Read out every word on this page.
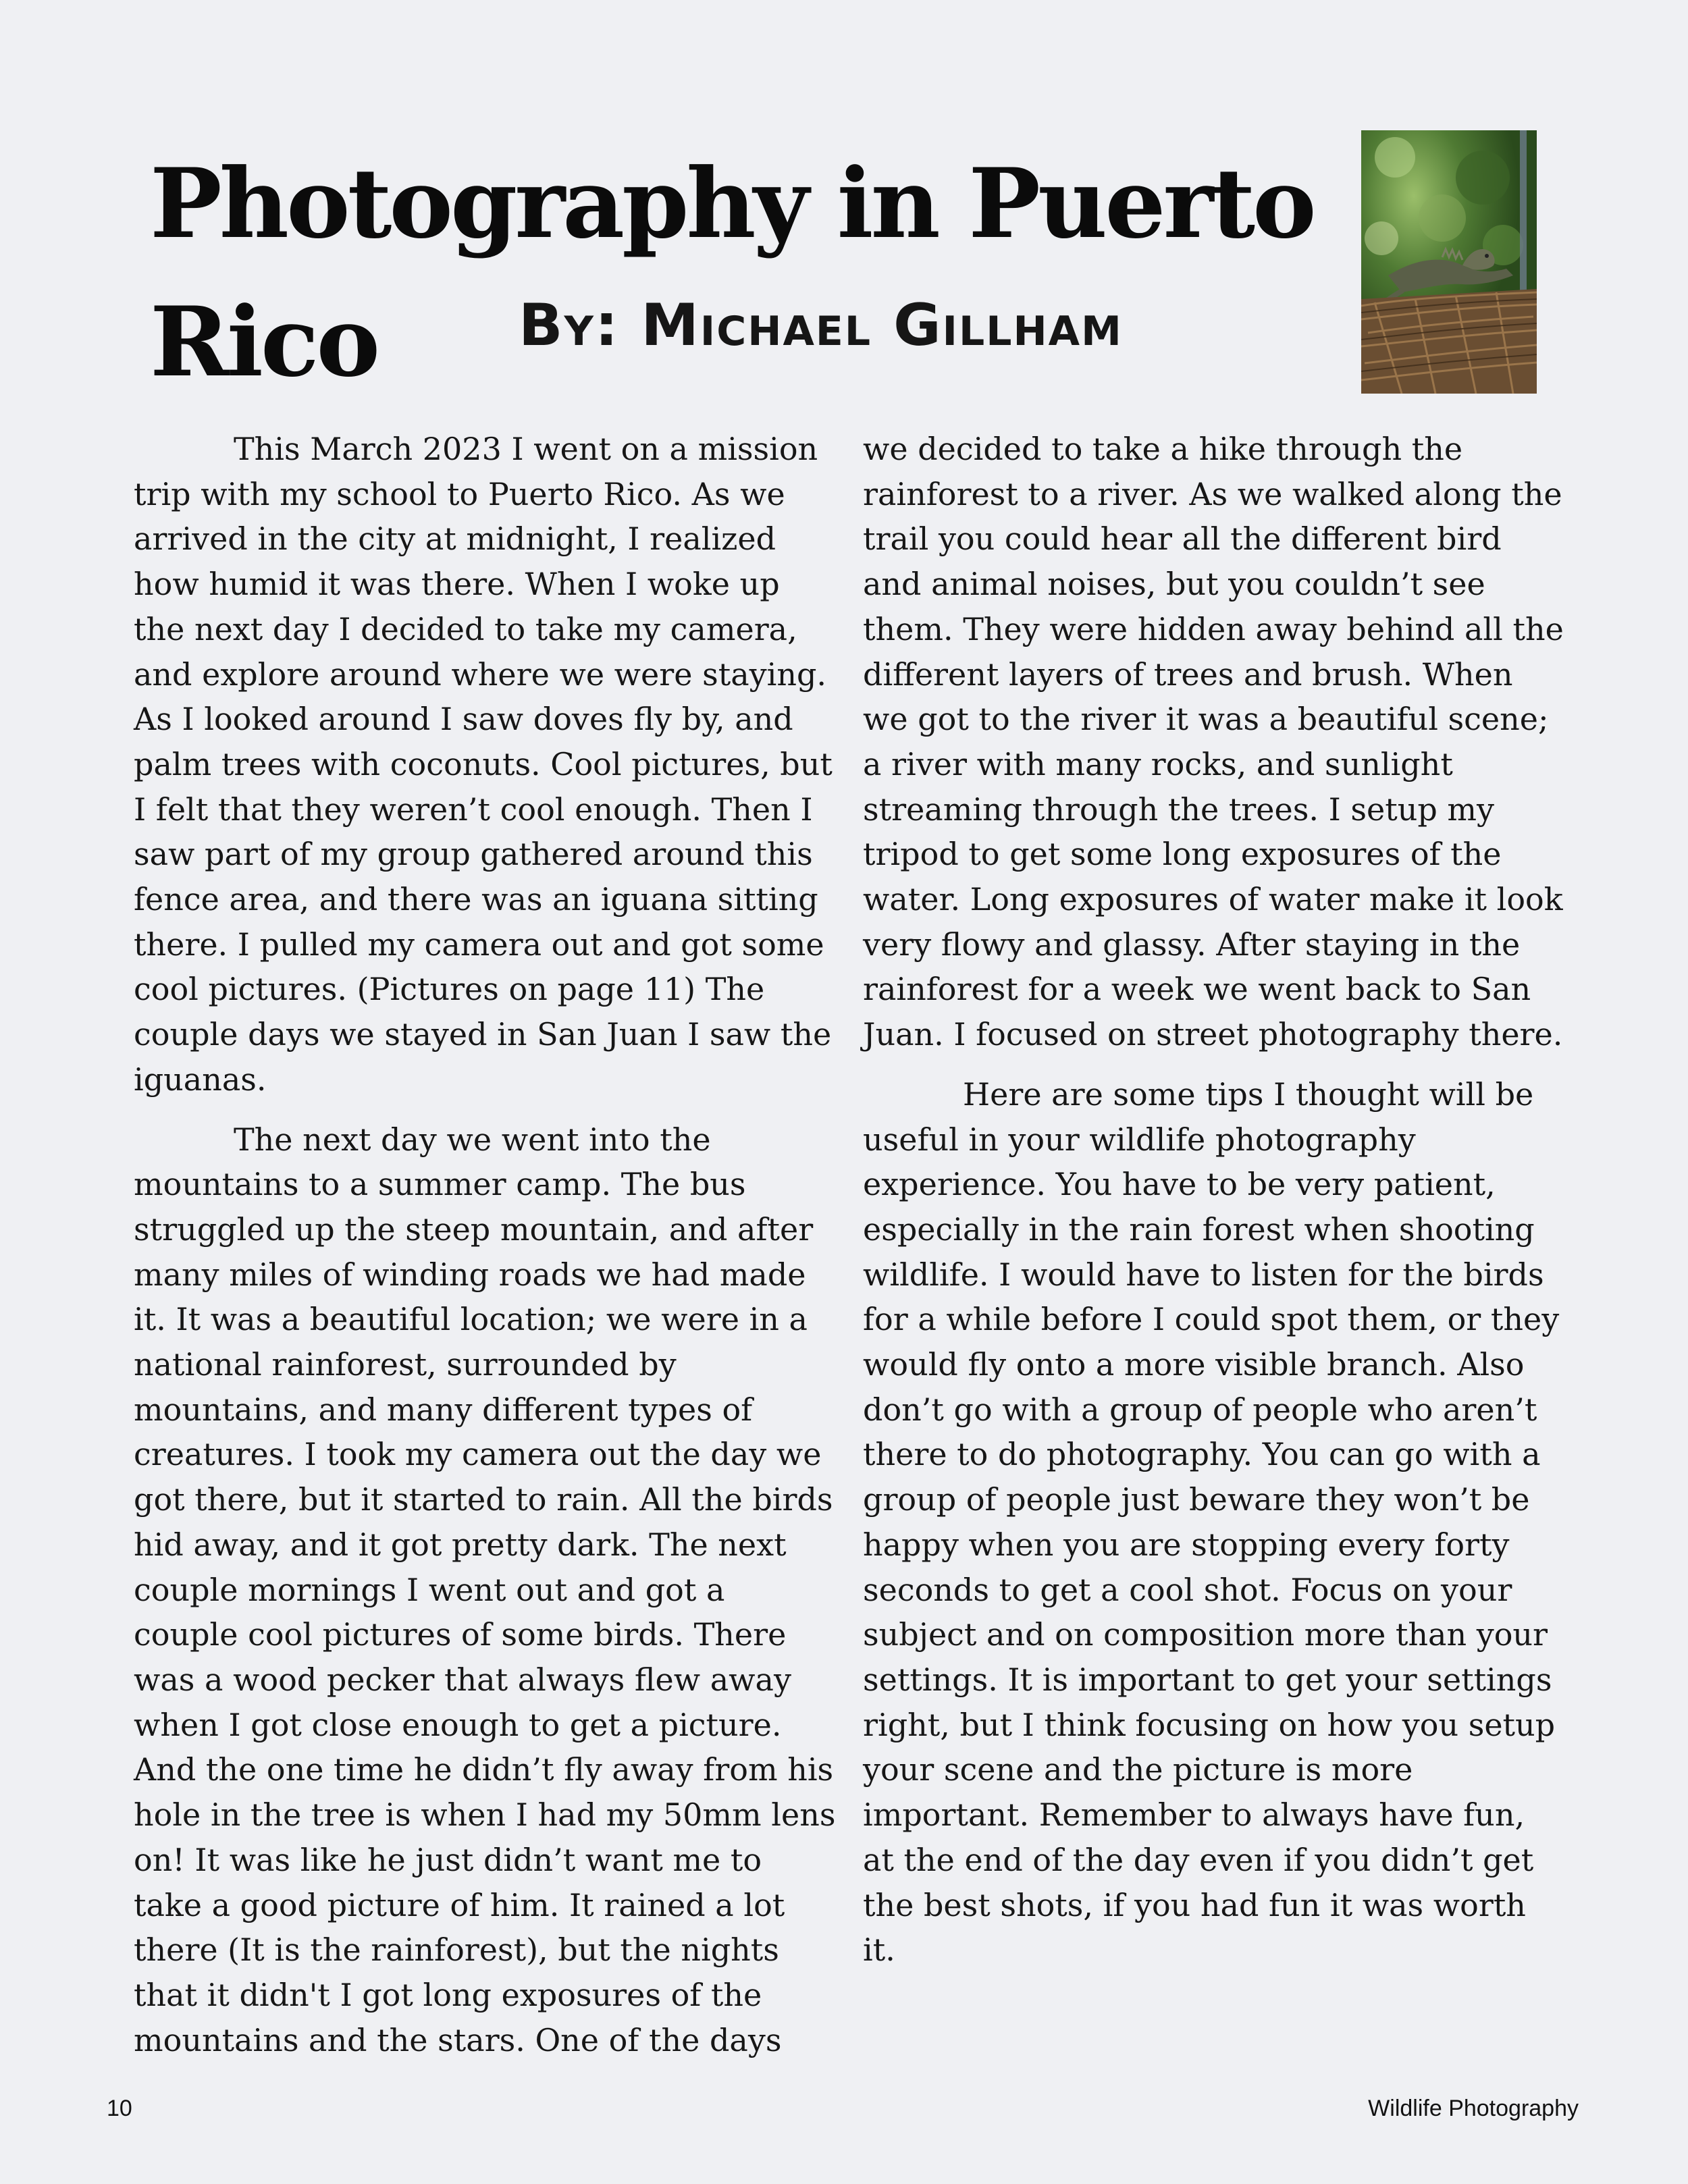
Photography in Puerto Rico	By: Michael Gillham

This March 2023 I went on a mission trip with my school to Puerto Rico. As we arrived in the city at midnight, I realized how humid it was there. When I woke up the next day I decided to take my camera, and explore around where we were staying. As I looked around I saw doves fly by, and palm trees with coconuts. Cool pictures, but I felt that they weren’t cool enough. Then I saw part of my group gathered around this fence area, and there was an iguana sitting there. I pulled my camera out and got some cool pictures. (Pictures on page 11) The couple days we stayed in San Juan I saw the iguanas.

The next day we went into the mountains to a summer camp. The bus struggled up the steep mountain, and after many miles of winding roads we had made it. It was a beautiful location; we were in a national rainforest, surrounded by mountains, and many different types of creatures. I took my camera out the day we got there, but it started to rain. All the birds hid away, and it got pretty dark. The next couple mornings I went out and got a couple cool pictures of some birds. There was a wood pecker that always flew away when I got close enough to get a picture. And the one time he didn’t fly away from his hole in the tree is when I had my 50mm lens on! It was like he just didn’t want me to take a good picture of him. It rained a lot there (It is the rainforest), but the nights that it didn't I got long exposures of the mountains and the stars. One of the days we decided to take a hike through the rainforest to a river. As we walked along the trail you could hear all the different bird and animal noises, but you couldn’t see them. They were hidden away behind all the different layers of trees and brush. When we got to the river it was a beautiful scene; a river with many rocks, and sunlight streaming through the trees. I setup my tripod to get some long exposures of the water. Long exposures of water make it look very flowy and glassy. After staying in the rainforest for a week we went back to San Juan. I focused on street photography there.

Here are some tips I thought will be useful in your wildlife photography experience. You have to be very patient, especially in the rain forest when shooting wildlife. I would have to listen for the birds for a while before I could spot them, or they would fly onto a more visible branch. Also don’t go with a group of people who aren’t there to do photography. You can go with a group of people just beware they won’t be happy when you are stopping every forty seconds to get a cool shot. Focus on your subject and on composition more than your settings. It is important to get your settings right, but I think focusing on how you setup your scene and the picture is more important. Remember to always have fun, at the end of the day even if you didn’t get the best shots, if you had fun it was worth it.

10	Wildlife Photography
